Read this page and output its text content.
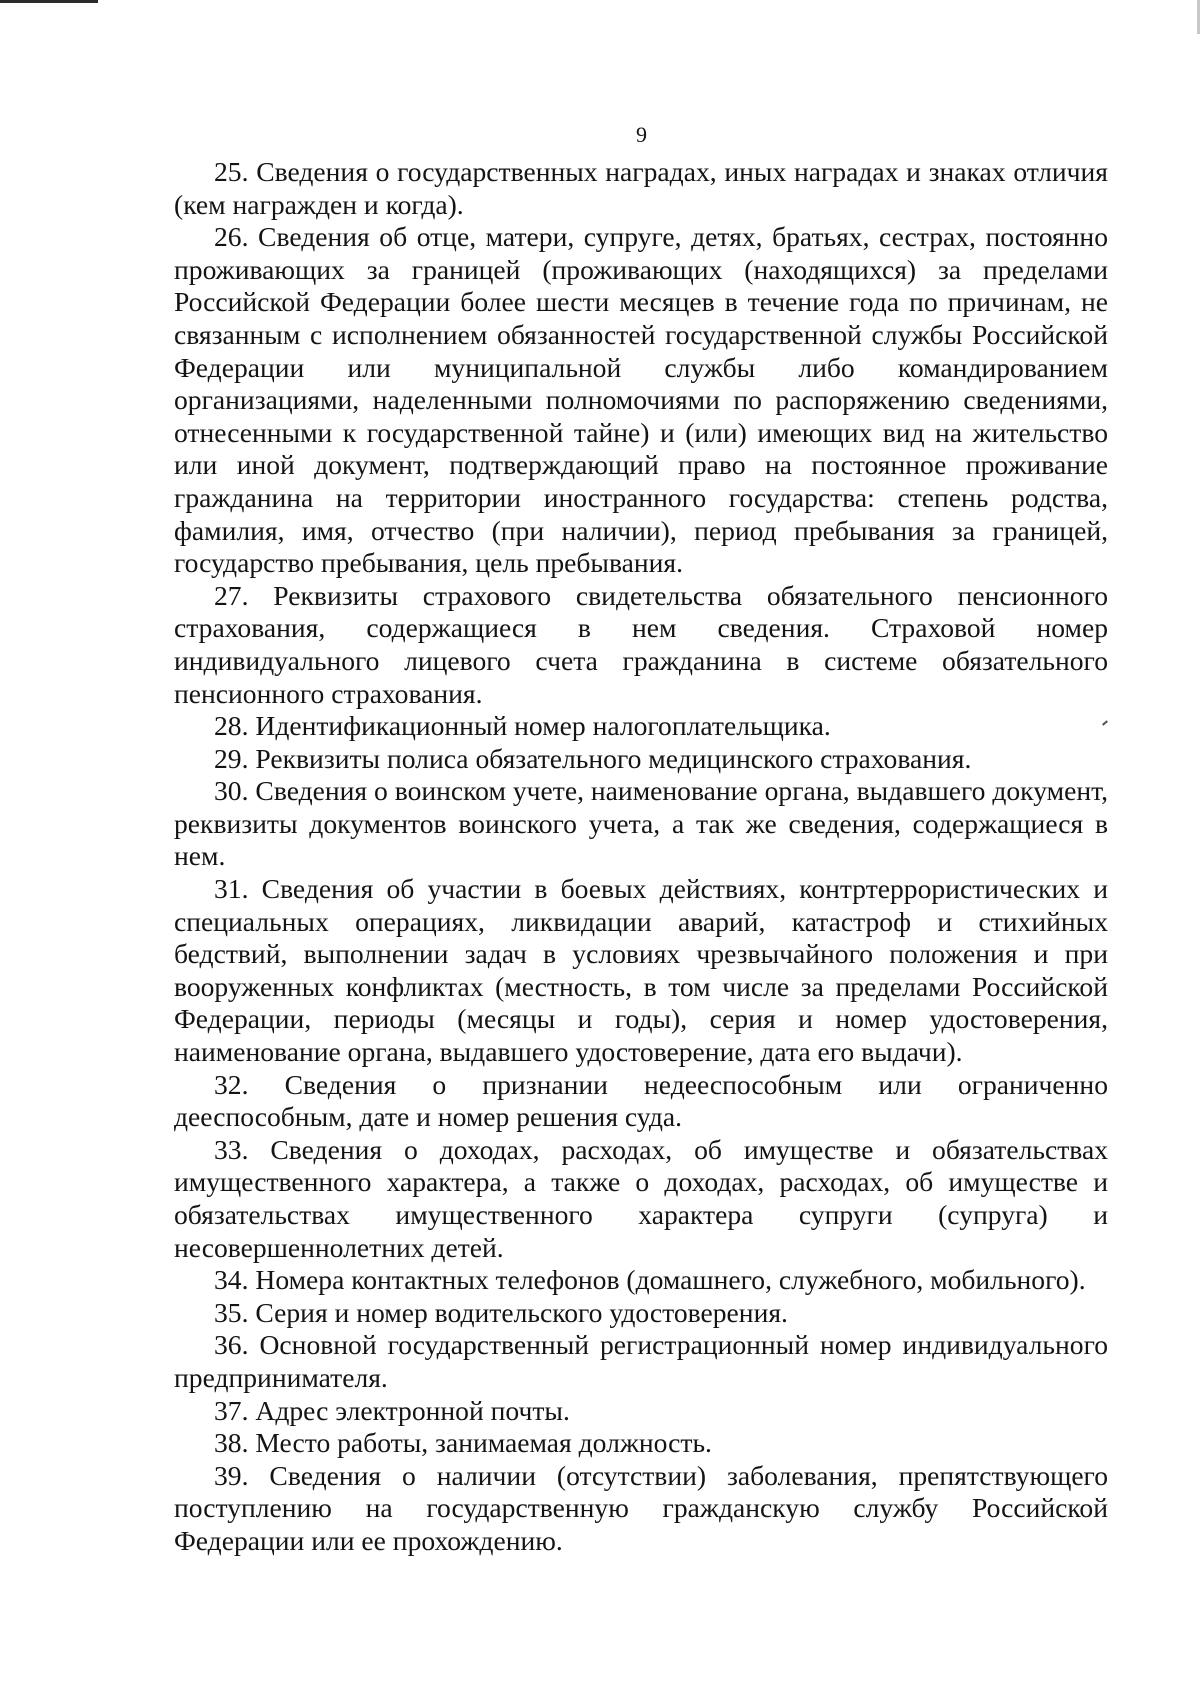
9

25. Сведения о государственных наградах, иных наградах и знаках отличия (кем награжден и когда).

26. Сведения об отце, матери, супруге, детях, братьях, сестрах, постоянно проживающих за границей (проживающих (находящихся) за пределами Российской Федерации более шести месяцев в течение года по причинам, не связанным с исполнением обязанностей государственной службы Российской Федерации или муниципальной службы либо командированием организациями, наделенными полномочиями по распоряжению сведениями, отнесенными к государственной тайне) и (или) имеющих вид на жительство или иной документ, подтверждающий право на постоянное проживание гражданина на территории иностранного государства: степень родства, фамилия, имя, отчество (при наличии), период пребывания за границей, государство пребывания, цель пребывания.

27. Реквизиты страхового свидетельства обязательного пенсионного страхования, содержащиеся в нем сведения. Страховой номер индивидуального лицевого счета гражданина в системе обязательного пенсионного страхования.

28. Идентификационный номер налогоплательщика.

29. Реквизиты полиса обязательного медицинского страхования.

30. Сведения о воинском учете, наименование органа, выдавшего документ, реквизиты документов воинского учета, а так же сведения, содержащиеся в нем.

31. Сведения об участии в боевых действиях, контртеррористических и специальных операциях, ликвидации аварий, катастроф и стихийных бедствий, выполнении задач в условиях чрезвычайного положения и при вооруженных конфликтах (местность, в том числе за пределами Российской Федерации, периоды (месяцы и годы), серия и номер удостоверения, наименование органа, выдавшего удостоверение, дата его выдачи).

32. Сведения о признании недееспособным или ограниченно дееспособным, дате и номер решения суда.

33. Сведения о доходах, расходах, об имуществе и обязательствах имущественного характера, а также о доходах, расходах, об имуществе и обязательствах имущественного характера супруги (супруга) и несовершеннолетних детей.

34. Номера контактных телефонов (домашнего, служебного, мобильного).

35. Серия и номер водительского удостоверения.

36. Основной государственный регистрационный номер индивидуального предпринимателя.

37. Адрес электронной почты.

38. Место работы, занимаемая должность.

39. Сведения о наличии (отсутствии) заболевания, препятствующего поступлению на государственную гражданскую службу Российской Федерации или ее прохождению.
